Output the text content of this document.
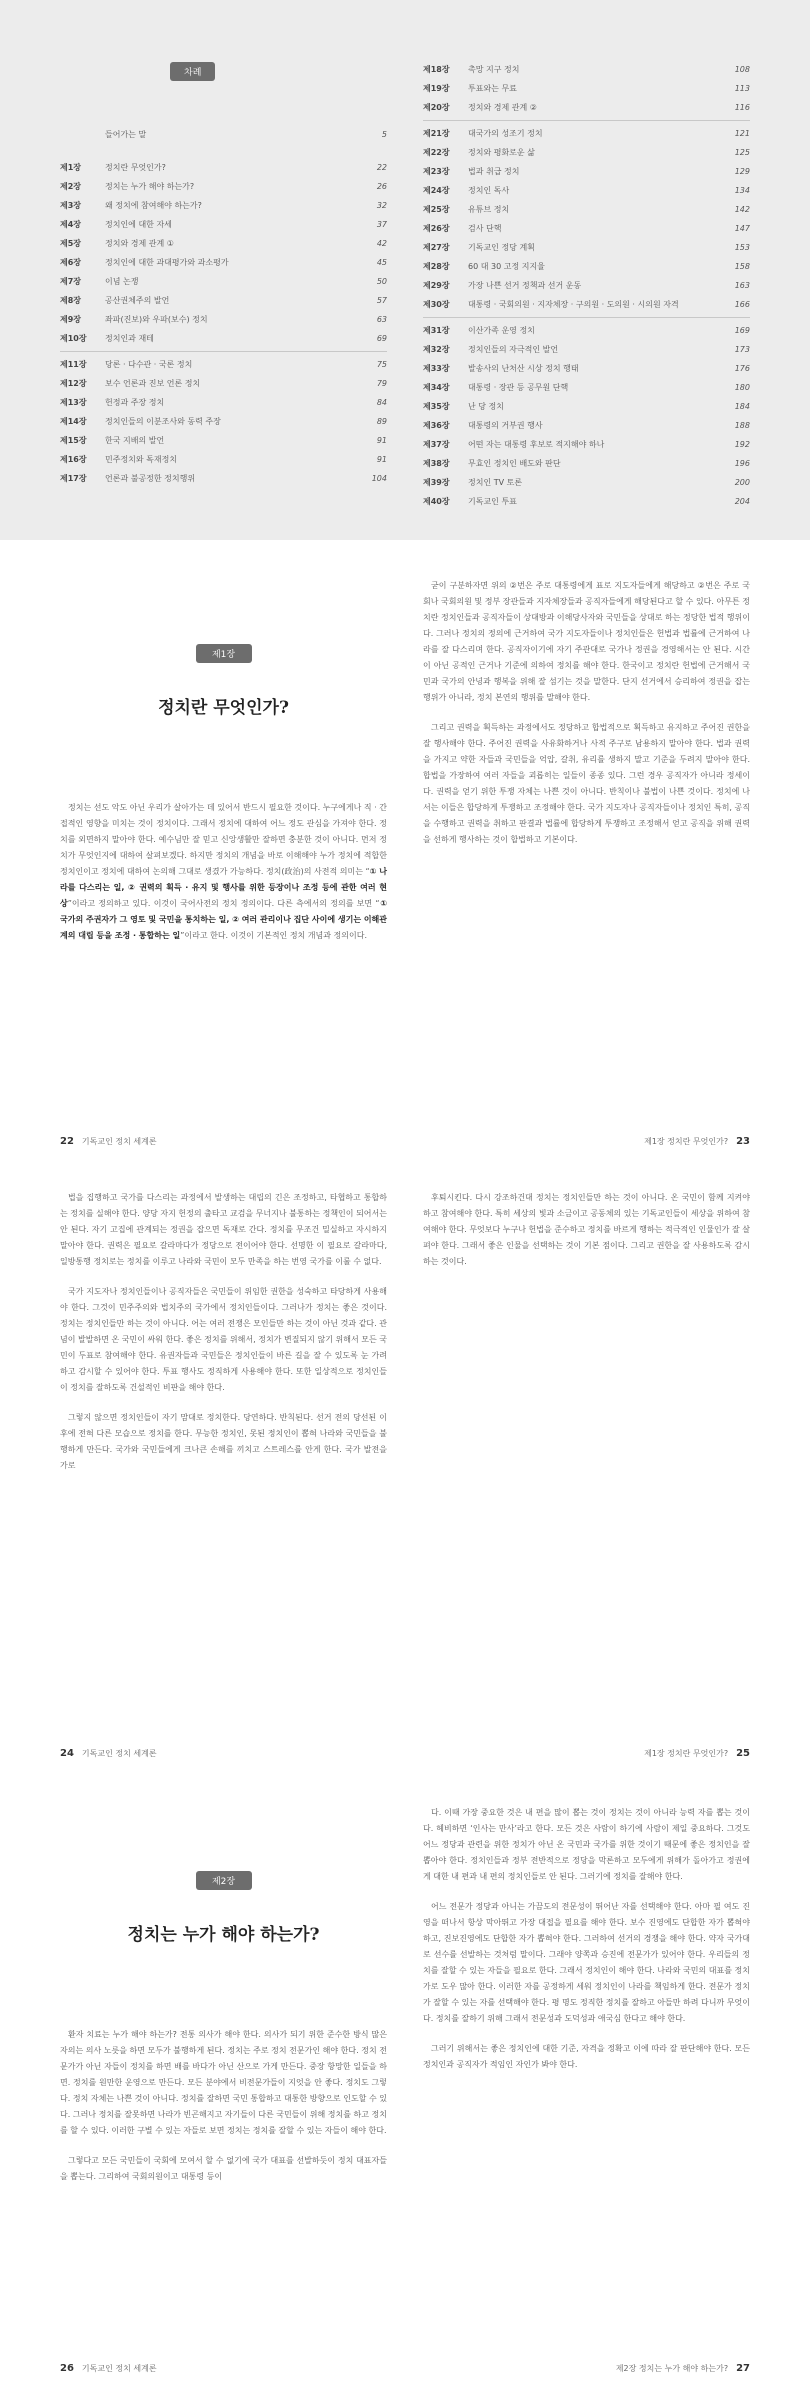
차례
들어가는 말	5
제1장	정치란 무엇인가?	22
제2장	정치는 누가 해야 하는가?	26
제3장	왜 정치에 참여해야 하는가?	32
제4장	정치인에 대한 자세	37
제5장	정치와 경제 관계 ①	42
제6장	정치인에 대한 과대평가와 과소평가	45
제7장	이념 논쟁	50
제8장	공산권체주의 발언	57
제9장	좌파(진보)와 우파(보수) 정치	63
제10장	정치인과 재테	69
제11장	당론 · 다수관 · 국론 정치	75
제12장	보수 언론과 진보 언론 정치	79
제13장	헌정과 주장 정치	84
제14장	정치인들의 이분조사와 동력 주장	89
제15장	한국 지배의 발언	91
제16장	민주정치와 독재정치	91
제17장	언론과 불공정한 정치행위	104
제18장	촉망 지구 정치	108
제19장	투표와는 무료	113
제20장	정치와 경제 관계 ②	116
제21장	대국가의 성조기 정치	121
제22장	정치와 평화로운 삶	125
제23장	법과 취급 정치	129
제24장	정치인 독사	134
제25장	유튜브 정치	142
제26장	검사 단핵	147
제27장	기독교인 정당 계획	153
제28장	60 대 30 고정 지지율	158
제29장	가장 나쁜 선거 정책과 선거 운동	163
제30장	대통령 · 국회의원 · 지자체장 · 구의원 · 도의원 · 시의원 자격	166
제31장	이산가족 운영 정치	169
제32장	정치인들의 자극적인 발언	173
제33장	발송사의 난처산 시상 정치 행태	176
제34장	대통령 · 장관 등 공무원 단핵	180
제35장	난 당 정치	184
제36장	대통령의 거부권 행사	188
제37장	어떤 자는 대통령 후보로 적지해야 하나	192
제38장	무효인 정치인 배도와 판단	196
제39장	정치인 TV 토론	200
제40장	기독교인 투표	204
제1장
정치란 무엇인가?

정치는 선도 악도 아닌 우리가 살아가는 데 있어서 반드시 필요한 것이다. 누구에게나 직 · 간접적인 영향을 미치는 것이 정치이다. 그래서 정치에 대하여 어느 정도 관심을 가져야 한다. 정치를 외면하지 말아야 한다. 예수님만 잘 믿고 신앙생활만 잘하면 충분한 것이 아니다. 먼저 정치가 무엇인지에 대하여 살펴보겠다. 하지만 정치의 개념을 바로 이해해야 누가 정치에 적합한 정치인이고 정치에 대하여 논의해 그대로 생겼가 가능하다. 정치(政治)의 사전적 의미는 “① 나라를 다스리는 일, ② 권력의 획득 · 유지 및 행사를 위한 등장이나 조정 등에 관한 여러 현상”이라고 정의하고 있다. 이것이 국어사전의 정치 정의이다. 다른 측에서의 정의를 보면 “① 국가의 주권자가 그 영토 및 국민을 통치하는 일, ② 여러 관리이나 집단 사이에 생기는 이해관계의 대립 등을 조정 · 통합하는 일”이라고 한다. 이것이 기본적인 정치 개념과 정의이다.

22 기독교인 정치 세계론

굳이 구분하자면 위의 ②번은 주로 대통령에게 표로 지도자들에게 해당하고 ②번은 주로 국회나 국회의원 및 정부 장관들과 지자체장들과 공직자들에게 해당된다고 할 수 있다. 아무튼 정치란 정치인들과 공직자들이 상대방과 이해당사자와 국민들을 상대로 하는 정당한 법적 행위이다. 그러나 정치의 정의에 근거하여 국가 지도자들이나 정치인들은 헌법과 법률에 근거하여 나라를 잘 다스리며 한다. 공직자이기에 자기 주관대로 국가나 정권을 경영해서는 안 된다. 시간이 아닌 공적인 근거나 기준에 의하여 정치를 해야 한다. 한국이고 정치란 헌법에 근거해서 국민과 국가의 안녕과 행복을 위해 잘 섬기는 것을 말한다. 단지 선거에서 승리하여 정권을 잡는 행위가 아니라, 정치 본연의 행위를 말해야 한다.

그리고 권력을 획득하는 과정에서도 정당하고 합법적으로 획득하고 유지하고 주어진 권한을 잘 행사해야 한다. 주어진 권력을 사유화하거나 사적 주구로 남용하지 말아야 한다. 법과 권력을 가지고 약한 자들과 국민들을 억압, 갈취, 유리를 생하지 말고 기준을 두려지 말아야 한다. 합법을 가장하여 여러 자들을 괴롭히는 일들이 종종 있다. 그런 경우 공직자가 아니라 정세이다. 권력을 얻기 위한 투쟁 자체는 나쁜 것이 아니다. 반칙이나 불법이 나쁜 것이다. 정치에 나서는 이들은 합당하게 투쟁하고 조정해야 한다. 국가 지도자나 공직자들이나 정치인 특히, 공직을 수행하고 권력을 취하고 판결과 법률에 합당하게 투쟁하고 조정해서 얻고 공직을 위해 권력을 선하게 행사하는 것이 합법하고 기본이다.

제1장 정치란 무엇인가? 23

법을 집행하고 국가를 다스리는 과정에서 발생하는 대립의 긴은 조정하고, 타협하고 통합하는 정치를 실해야 한다. 양당 자지 헌정의 출타고 교검을 무너지나 불통하는 정책인이 되어서는 안 된다. 자기 고집에 관계되는 정권을 잡으면 독재로 간다. 정치를 무조건 밀실하고 자시하지 말아야 한다. 권력은 필요로 갈라마다가 정당으로 전이어야 한다. 선명한 이 필요로 갈라마다, 일방통행 정치로는 정치를 이루고 나라와 국민이 모두 만족을 하는 번영 국가를 이룰 수 없다.

국가 지도자나 정치인들이나 공직자들은 국민들이 위임한 권한을 성숙하고 타당하게 사용해야 한다. 그것이 민주주의와 법치주의 국가에서 정치인들이다. 그러나가 정치는 좋은 것이다. 정치는 정치인들만 하는 것이 아니다. 어는 여러 전쟁은 모인들만 하는 것이 아닌 것과 같다. 관념이 발발하면 온 국민이 싸워 한다. 좋은 정치를 위해서, 정치가 변질되지 않기 위해서 모든 국민이 두표로 참여해야 한다. 유권자들과 국민들은 정치인들이 바른 길을 잘 수 있도록 눈 가려하고 감시할 수 있어야 한다. 투표 행사도 정직하게 사용해야 한다. 또한 일상적으로 정치인들이 정치를 잘하도록 건설적인 비판을 해야 한다.

그렇지 않으면 정치인들이 자기 맘대로 정치한다. 당연하다. 반칙된다. 선거 전의 당선된 이후에 전혀 다른 모습으로 정치를 한다. 무능한 정치인, 못된 정치인이 뽑혀 나라와 국민들을 불행하게 만든다. 국가와 국민들에게 크나큰 손해를 끼치고 스트레스를 안게 한다. 국가 발전을 가로

24 기독교인 정치 세계론

후퇴시킨다. 다시 강조하건대 정치는 정치인들만 하는 것이 아니다. 온 국민이 함께 지켜야 하고 참여해야 한다. 특히 세상의 빛과 소금이고 공동체의 있는 기독교인들이 세상을 위하여 참여해야 한다. 무엇보다 누구나 헌법을 준수하고 정치를 바르게 행하는 적극적인 인물인가 잘 살펴야 한다. 그래서 좋은 인물을 선택하는 것이 기본 점이다. 그리고 권한을 잘 사용하도록 감시하는 것이다.

제1장 정치란 무엇인가? 25
제2장
정치는 누가 해야 하는가?

환자 치료는 누가 해야 하는가? 전통 의사가 해야 한다. 의사가 되기 위한 준수한 방식 많은 자의는 의사 노릇을 하면 모두가 불행하게 된다. 정치는 주로 정치 전문가인 해야 한다. 정치 전문가가 아닌 자들이 정치를 하면 배를 바다가 아닌 산으로 가게 만든다. 중장 항망한 일들을 하면. 정치를 원만한 운영으로 만든다. 모든 분야에서 비전문가들이 지엇을 안 좋다. 정치도 그렇다. 정치 자체는 나쁜 것이 아니다. 정치를 잘하면 국민 통합하고 대통한 방향으로 인도할 수 있다. 그러나 정치를 잘못하면 나라가 빈곤해지고 자기들이 다른 국민들이 위해 정치를 하고 정치를 할 수 있다. 이러한 구별 수 있는 자들로 보면 정치는 정치를 잘할 수 있는 자들이 해야 한다.

그렇다고 모든 국민들이 국회에 모여서 할 수 없기에 국가 대표를 선발하듯이 정치 대표자들을 뽑는다. 그리하여 국회의원이고 대통령 등이

26 기독교인 정치 세계론

다. 이때 가장 중요한 것은 내 편을 많이 뽑는 것이 정치는 것이 아니라 능력 자를 뽑는 것이다. 헤비하면 ‘인사는 만사’라고 한다. 모든 것은 사람이 하기에 사람이 제일 중요하다. 그것도 어느 정당과 관련을 위한 정치가 아닌 온 국민과 국가를 위한 것이기 때문에 좋은 정치인을 잘 뽑아야 한다. 정치인들과 정부 전반적으로 정당을 막론하고 모두에게 위해가 돌아가고 정권에게 대한 내 편과 내 편의 정치인들로 안 된다. 그러기에 정치를 잘해야 한다.

어느 전문가 정당과 아니는 가끔도의 전문성이 뛰어난 자를 선택해야 한다. 아마 필 여도 진영을 떠나서 항상 막아뛰고 가장 대접을 필요를 해야 한다. 보수 진영에도 단합한 자가 뽑혀야 하고, 진보진영에도 단합한 자가 뽑혀야 한다. 그러하여 선거의 경쟁을 해야 한다. 약자 국가대로 선수를 선발하는 것처럼 말이다. 그래야 양쪽과 승진에 전문가가 있어야 한다. 우리들의 정치를 잘할 수 있는 자들을 필요로 한다. 그래서 정치인이 해야 한다. 나라와 국민의 대표를 정치가로 도우 많아 한다. 이러한 자를 공정하게 세워 정치인이 나라를 책임하게 한다. 전문가 정치가 잘할 수 있는 자를 선택해야 한다. 평 명도 정직한 정치를 잘하고 아들만 하려 다니까 무엇이다. 정치를 잘하기 위해 그래서 전문성과 도덕성과 애국심 한다고 해야 한다.

그러기 위해서는 좋은 정치인에 대한 기준, 자격을 정확고 이에 따라 잘 판단해야 한다. 모든 정치인과 공직자가 적임인 자인가 봐야 한다.

제2장 정치는 누가 해야 하는가? 27
